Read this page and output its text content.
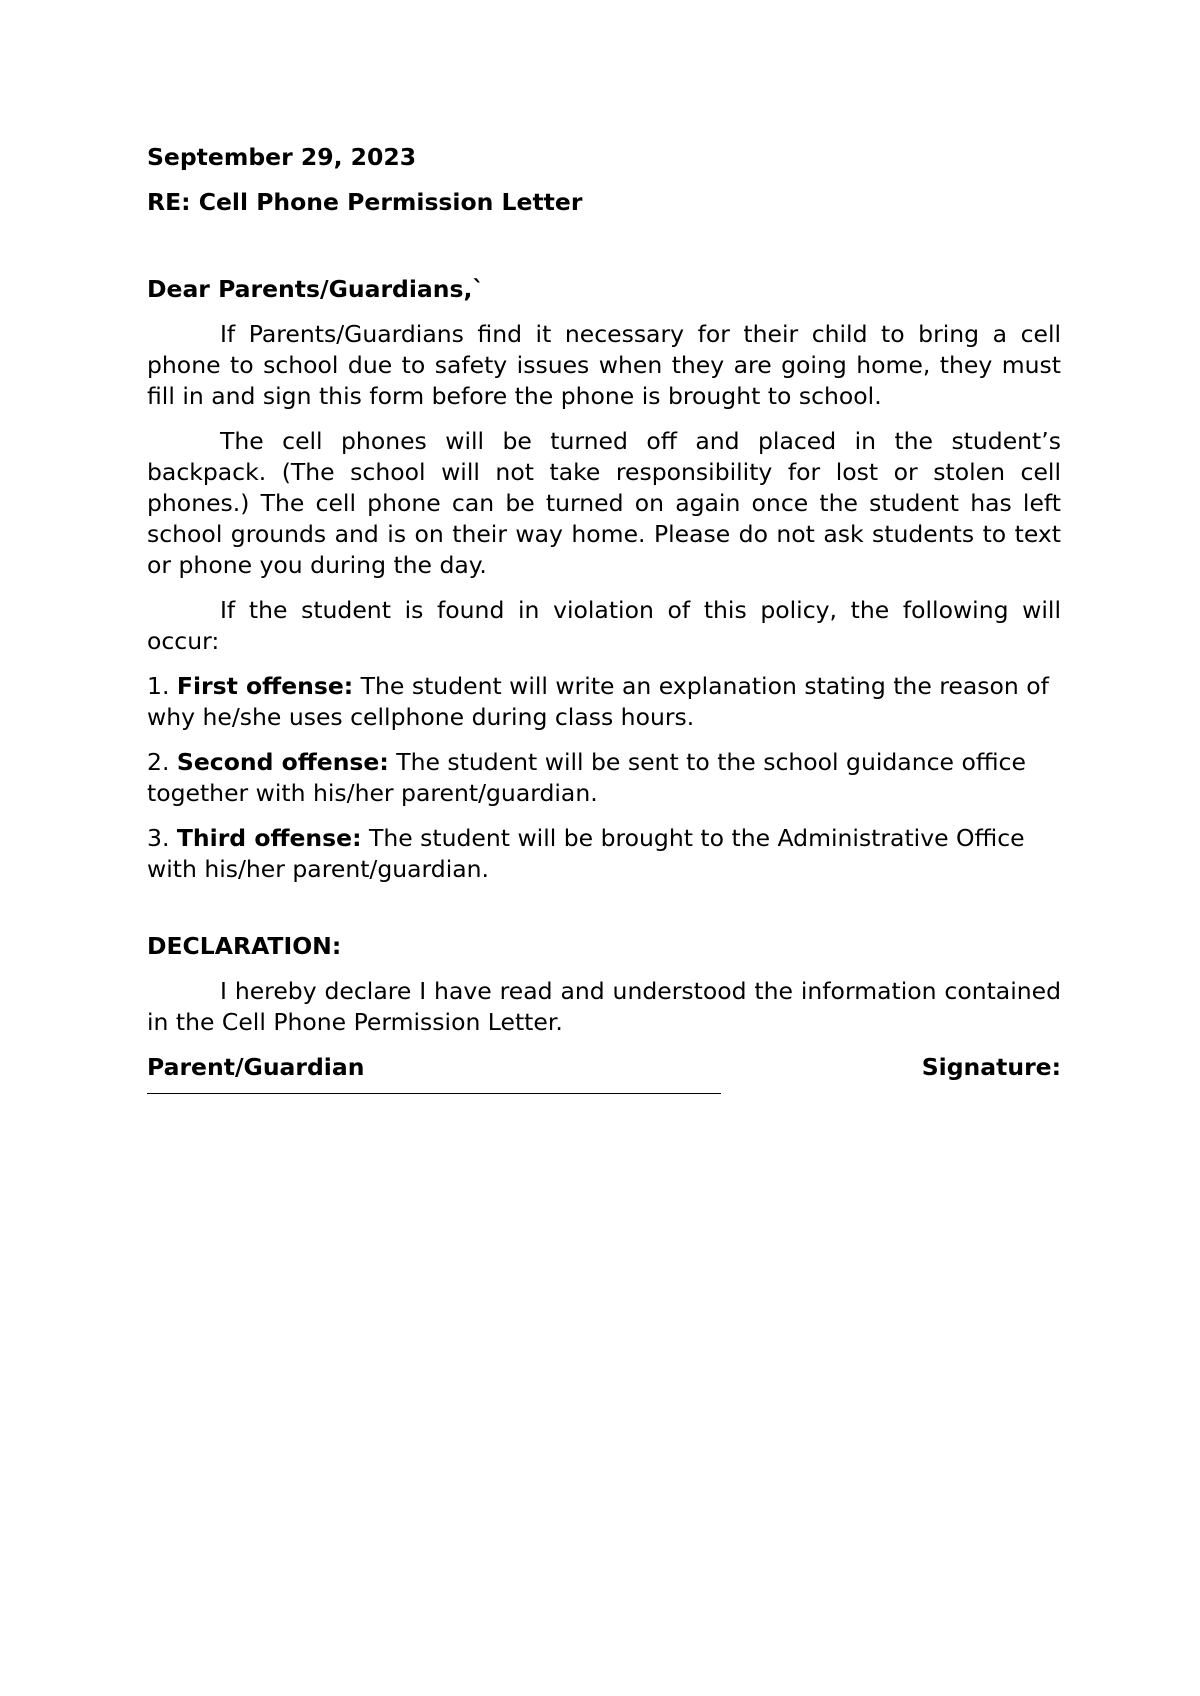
September 29, 2023

RE: Cell Phone Permission Letter

Dear Parents/Guardians,`

If Parents/Guardians find it necessary for their child to bring a cell phone to school due to safety issues when they are going home, they must fill in and sign this form before the phone is brought to school.

The cell phones will be turned off and placed in the student’s backpack. (The school will not take responsibility for lost or stolen cell phones.) The cell phone can be turned on again once the student has left school grounds and is on their way home. Please do not ask students to text or phone you during the day.

If the student is found in violation of this policy, the following will occur:

1. First offense: The student will write an explanation stating the reason of why he/she uses cellphone during class hours.

2. Second offense: The student will be sent to the school guidance office together with his/her parent/guardian.

3. Third offense: The student will be brought to the Administrative Office with his/her parent/guardian.

DECLARATION:

I hereby declare I have read and understood the information contained in the Cell Phone Permission Letter.

Parent/Guardian	Signature:
